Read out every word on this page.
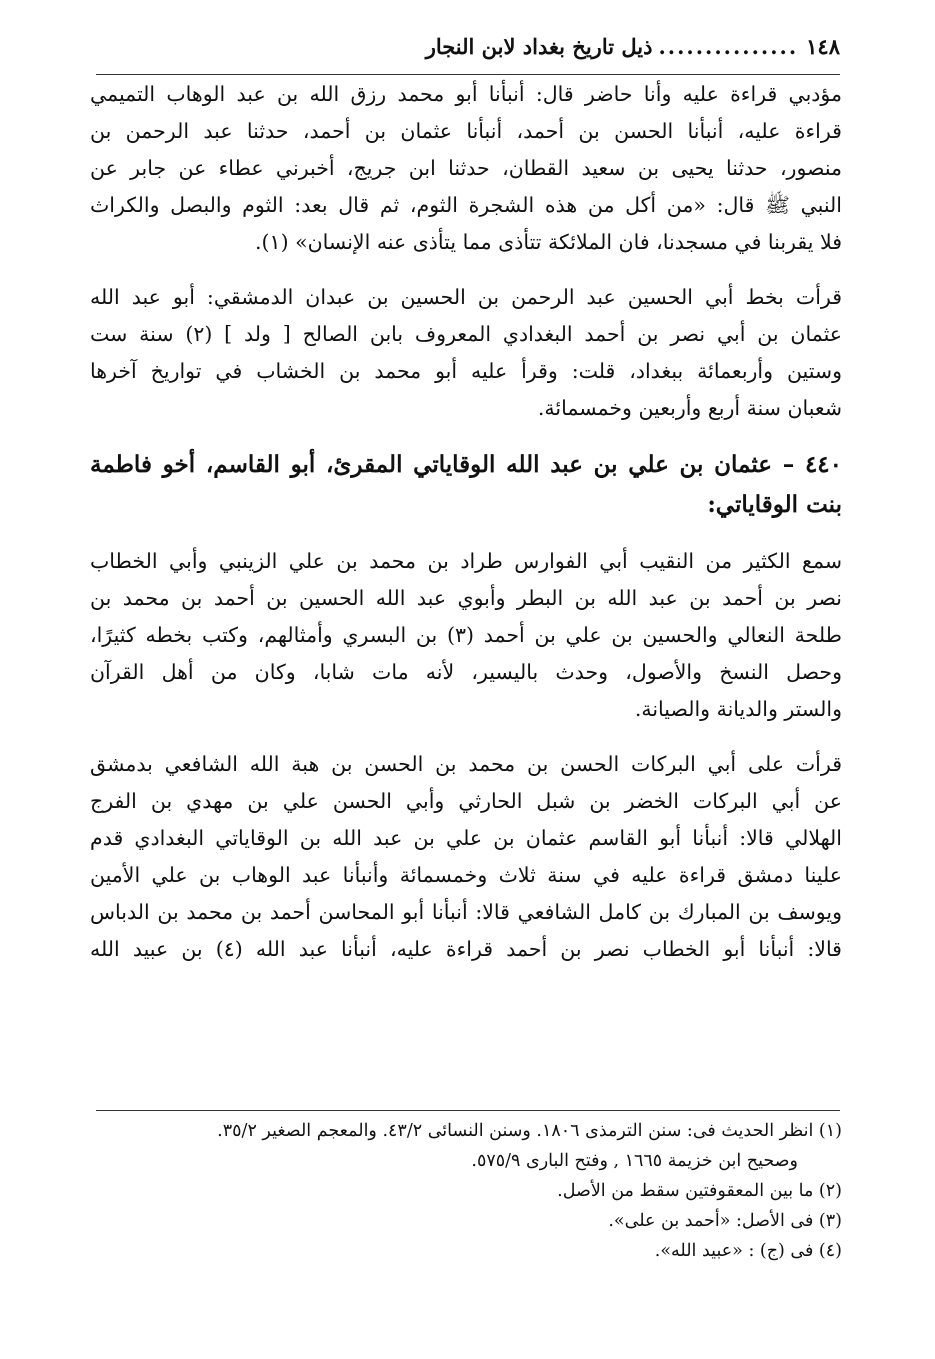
١٤٨
...............
ذيل تاريخ بغداد لابن النجار
مؤدبي قراءة عليه وأنا حاضر قال: أنبأنا أبو محمد رزق الله بن عبد الوهاب التميمي
قراءة عليه، أنبأنا الحسن بن أحمد، أنبأنا عثمان بن أحمد، حدثنا عبد الرحمن بن
منصور، حدثنا يحيى بن سعيد القطان، حدثنا ابن جريج، أخبرني عطاء عن جابر عن
النبي ﷺ قال: «من أكل من هذه الشجرة الثوم، ثم قال بعد: الثوم والبصل والكراث
فلا يقربنا في مسجدنا، فان الملائكة تتأذى مما يتأذى عنه الإنسان» (١).
قرأت بخط أبي الحسين عبد الرحمن بن الحسين بن عبدان الدمشقي: أبو عبد الله
عثمان بن أبي نصر بن أحمد البغدادي المعروف بابن الصالح [ ولد ] (٢) سنة ست
وستين وأربعمائة ببغداد، قلت: وقرأ عليه أبو محمد بن الخشاب في تواريخ آخرها
شعبان سنة أربع وأربعين وخمسمائة.
٤٤٠ – عثمان بن علي بن عبد الله الوقاياتي المقرئ، أبو القاسم، أخو فاطمة
بنت الوقاياتي:
سمع الكثير من النقيب أبي الفوارس طراد بن محمد بن علي الزينبي وأبي الخطاب
نصر بن أحمد بن عبد الله بن البطر وأبوي عبد الله الحسين بن أحمد بن محمد بن
طلحة النعالي والحسين بن علي بن أحمد (٣) بن البسري وأمثالهم، وكتب بخطه كثيرًا،
وحصل النسخ والأصول، وحدث باليسير، لأنه مات شابا، وكان من أهل القرآن
والستر والديانة والصيانة.
قرأت على أبي البركات الحسن بن محمد بن الحسن بن هبة الله الشافعي بدمشق
عن أبي البركات الخضر بن شبل الحارثي وأبي الحسن علي بن مهدي بن الفرج
الهلالي قالا: أنبأنا أبو القاسم عثمان بن علي بن عبد الله بن الوقاياتي البغدادي قدم
علينا دمشق قراءة عليه في سنة ثلاث وخمسمائة وأنبأنا عبد الوهاب بن علي الأمين
ويوسف بن المبارك بن كامل الشافعي قالا: أنبأنا أبو المحاسن أحمد بن محمد بن الدباس
قالا: أنبأنا أبو الخطاب نصر بن أحمد قراءة عليه، أنبأنا عبد الله (٤) بن عبيد الله
(١) انظر الحديث فى: سنن الترمذى ١٨٠٦. وسنن النسائى ٤٣/٢. والمعجم الصغير ٣٥/٢.
وصحيح ابن خزيمة ١٦٦٥ , وفتح البارى ٥٧٥/٩.
(٢) ما بين المعقوفتين سقط من الأصل.
(٣) فى الأصل: «أحمد بن على».
(٤) فى (ج) : «عبيد الله».
